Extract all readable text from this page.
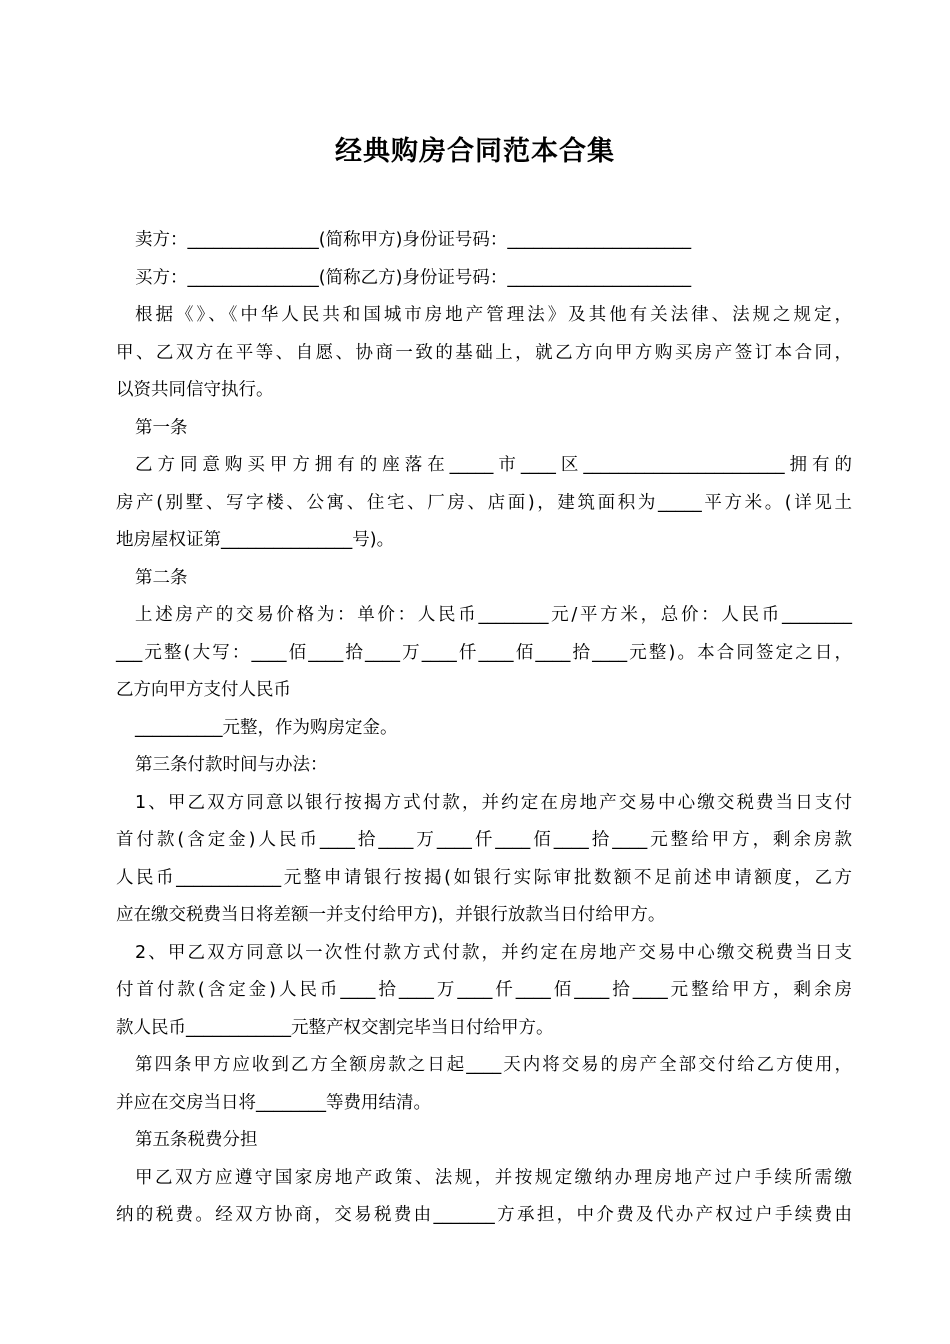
经典购房合同范本合集
卖方：_______________(简称甲方)身份证号码：_____________________
买方：_______________(简称乙方)身份证号码：_____________________
根据《》、《中华人民共和国城市房地产管理法》及其他有关法律、法规之规定，
甲、乙双方在平等、自愿、协商一致的基础上，就乙方向甲方购买房产签订本合同，
以资共同信守执行。
第一条
乙方同意购买甲方拥有的座落在_____市____区_______________________拥有的
房产(别墅、写字楼、公寓、住宅、厂房、店面)，建筑面积为_____平方米。(详见土
地房屋权证第_______________号)。
第二条
上述房产的交易价格为：单价：人民币________元/平方米，总价：人民币________
___元整(大写：____佰____拾____万____仟____佰____拾____元整)。本合同签定之日，
乙方向甲方支付人民币
__________元整，作为购房定金。
第三条付款时间与办法：
1、甲乙双方同意以银行按揭方式付款，并约定在房地产交易中心缴交税费当日支付
首付款(含定金)人民币____拾____万____仟____佰____拾____元整给甲方，剩余房款
人民币____________元整申请银行按揭(如银行实际审批数额不足前述申请额度，乙方
应在缴交税费当日将差额一并支付给甲方)，并银行放款当日付给甲方。
2、甲乙双方同意以一次性付款方式付款，并约定在房地产交易中心缴交税费当日支
付首付款(含定金)人民币____拾____万____仟____佰____拾____元整给甲方，剩余房
款人民币____________元整产权交割完毕当日付给甲方。
第四条甲方应收到乙方全额房款之日起____天内将交易的房产全部交付给乙方使用，
并应在交房当日将________等费用结清。
第五条税费分担
甲乙双方应遵守国家房地产政策、法规，并按规定缴纳办理房地产过户手续所需缴
纳的税费。经双方协商，交易税费由_______方承担，中介费及代办产权过户手续费由
